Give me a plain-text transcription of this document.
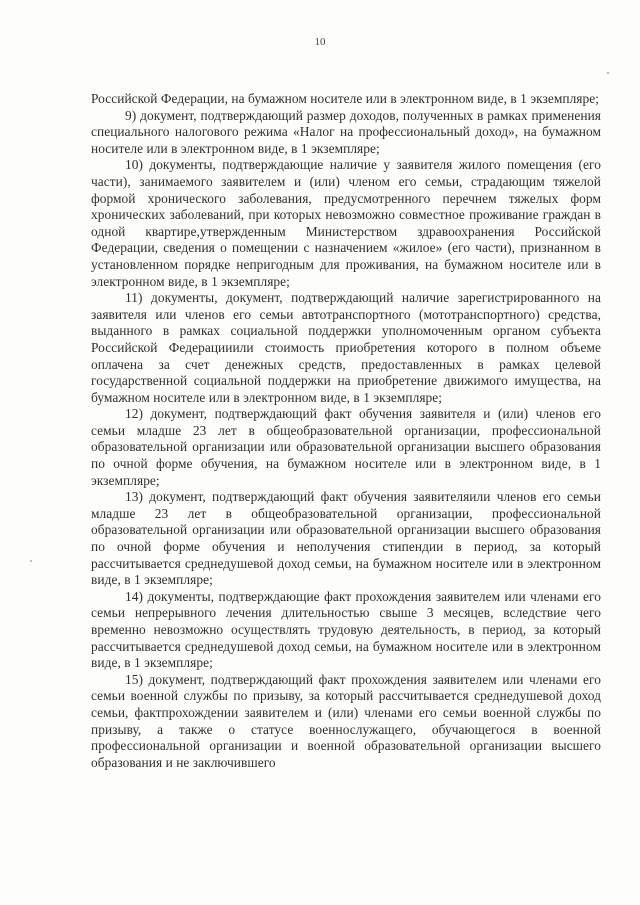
10

Российской Федерации, на бумажном носителе или в электронном виде, в 1 экземпляре;

9) документ, подтверждающий размер доходов, полученных в рамках применения специального налогового режима «Налог на профессиональный доход», на бумажном носителе или в электронном виде, в 1 экземпляре;

10) документы, подтверждающие наличие у заявителя жилого помещения (его части), занимаемого заявителем и (или) членом его семьи, страдающим тяжелой формой хронического заболевания, предусмотренного перечнем тяжелых форм хронических заболеваний, при которых невозможно совместное проживание граждан в одной квартире,утвержденным Министерством здравоохранения Российской Федерации, сведения о помещении с назначением «жилое» (его части), признанном в установленном порядке непригодным для проживания, на бумажном носителе или в электронном виде, в 1 экземпляре;

11) документы, документ, подтверждающий наличие зарегистрированного на заявителя или членов его семьи автотранспортного (мототранспортного) средства, выданного в рамках социальной поддержки уполномоченным органом субъекта Российской Федерацииили стоимость приобретения которого в полном объеме оплачена за счет денежных средств, предоставленных в рамках целевой государственной социальной поддержки на приобретение движимого имущества, на бумажном носителе или в электронном виде, в 1 экземпляре;

12) документ, подтверждающий факт обучения заявителя и (или) членов его семьи младше 23 лет в общеобразовательной организации, профессиональной образовательной организации или образовательной организации высшего образования по очной форме обучения, на бумажном носителе или в электронном виде, в 1 экземпляре;

13) документ, подтверждающий факт обучения заявителяили членов его семьи младше 23 лет в общеобразовательной организации, профессиональной образовательной организации или образовательной организации высшего образования по очной форме обучения и неполучения стипендии в период, за который рассчитывается среднедушевой доход семьи, на бумажном носителе или в электронном виде, в 1 экземпляре;

14) документы, подтверждающие факт прохождения заявителем или членами его семьи непрерывного лечения длительностью свыше 3 месяцев, вследствие чего временно невозможно осуществлять трудовую деятельность, в период, за который рассчитывается среднедушевой доход семьи, на бумажном носителе или в электронном виде, в 1 экземпляре;

15) документ, подтверждающий факт прохождения заявителем или членами его семьи военной службы по призыву, за который рассчитывается среднедушевой доход семьи, фактпрохождении заявителем и (или) членами его семьи военной службы по призыву, а также о статусе военнослужащего, обучающегося в военной профессиональной организации и военной образовательной организации высшего образования и не заключившего
